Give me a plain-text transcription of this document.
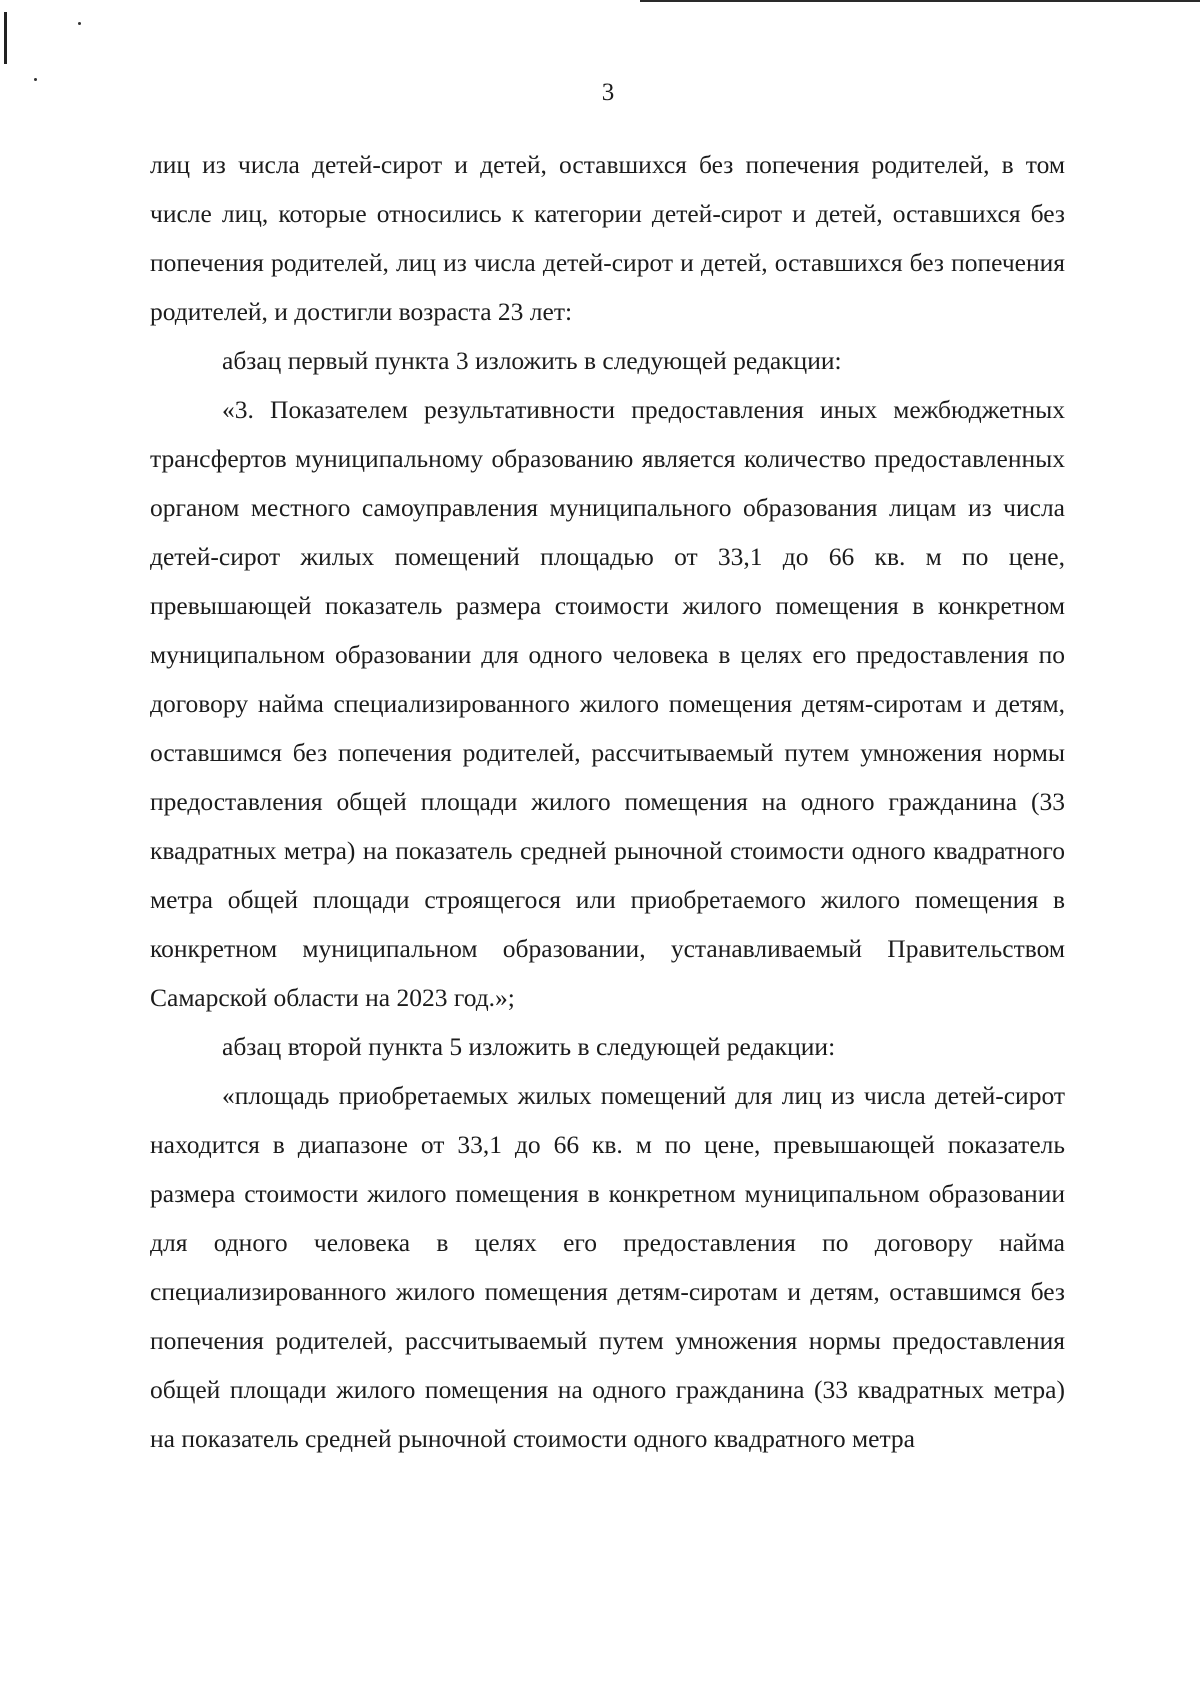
3

лиц из числа детей-сирот и детей, оставшихся без попечения родителей, в том числе лиц, которые относились к категории детей-сирот и детей, оставшихся без попечения родителей, лиц из числа детей-сирот и детей, оставшихся без попечения родителей, и достигли возраста 23 лет:

абзац первый пункта 3 изложить в следующей редакции:

«3. Показателем результативности предоставления иных межбюджетных трансфертов муниципальному образованию является количество предоставленных органом местного самоуправления муниципального образования лицам из числа детей-сирот жилых помещений площадью от 33,1 до 66 кв. м по цене, превышающей показатель размера стоимости жилого помещения в конкретном муниципальном образовании для одного человека в целях его предоставления по договору найма специализированного жилого помещения детям-сиротам и детям, оставшимся без попечения родителей, рассчитываемый путем умножения нормы предоставления общей площади жилого помещения на одного гражданина (33 квадратных метра) на показатель средней рыночной стоимости одного квадратного метра общей площади строящегося или приобретаемого жилого помещения в конкретном муниципальном образовании, устанавливаемый Правительством Самарской области на 2023 год.»;

абзац второй пункта 5 изложить в следующей редакции:

«площадь приобретаемых жилых помещений для лиц из числа детей-сирот находится в диапазоне от 33,1 до 66 кв. м по цене, превышающей показатель размера стоимости жилого помещения в конкретном муниципальном образовании для одного человека в целях его предоставления по договору найма специализированного жилого помещения детям-сиротам и детям, оставшимся без попечения родителей, рассчитываемый путем умножения нормы предоставления общей площади жилого помещения на одного гражданина (33 квадратных метра) на показатель средней рыночной стоимости одного квадратного метра
